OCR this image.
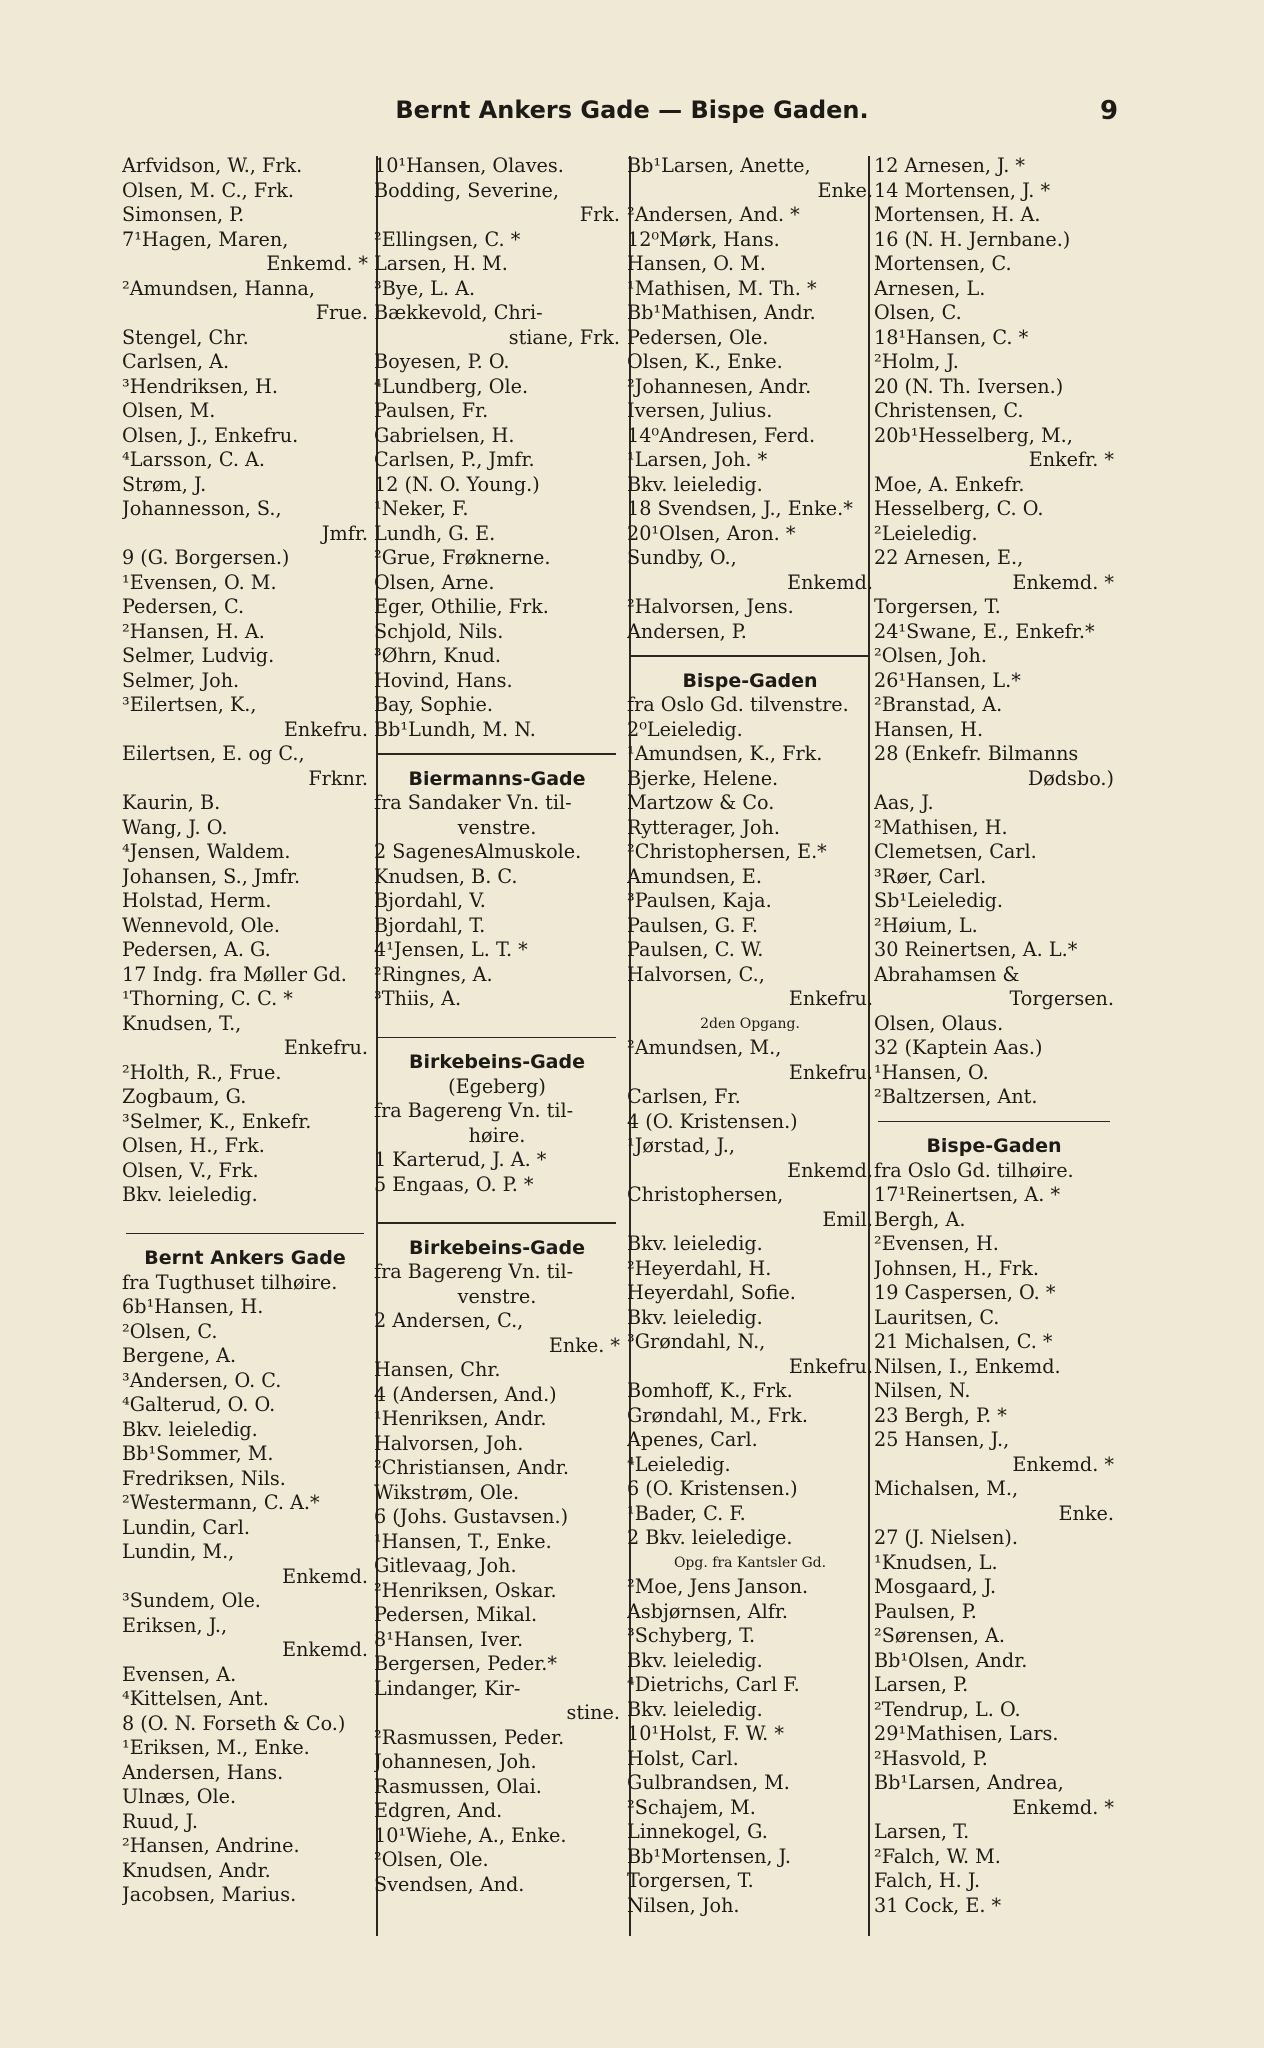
Bernt Ankers Gade — Bispe Gaden.	9
Arfvidson, W., Frk.
Olsen, M. C., Frk.
Simonsen, P.
7¹Hagen, Maren,
Enkemd. *
²Amundsen, Hanna,
Frue.
Stengel, Chr.
Carlsen, A.
³Hendriksen, H.
Olsen, M.
Olsen, J., Enkefru.
⁴Larsson, C. A.
Strøm, J.
Johannesson, S.,
Jmfr.
9 (G. Borgersen.)
¹Evensen, O. M.
Pedersen, C.
²Hansen, H. A.
Selmer, Ludvig.
Selmer, Joh.
³Eilertsen, K.,
Enkefru.
Eilertsen, E. og C.,
Frknr.
Kaurin, B.
Wang, J. O.
⁴Jensen, Waldem.
Johansen, S., Jmfr.
Holstad, Herm.
Wennevold, Ole.
Pedersen, A. G.
17 Indg. fra Møller Gd.
¹Thorning, C. C. *
Knudsen, T.,
Enkefru.
²Holth, R., Frue.
Zogbaum, G.
³Selmer, K., Enkefr.
Olsen, H., Frk.
Olsen, V., Frk.
Bkv. leieledig.
Bernt Ankers Gade
fra Tugthuset tilhøire.
6b¹Hansen, H.
²Olsen, C.
Bergene, A.
³Andersen, O. C.
⁴Galterud, O. O.
Bkv. leieledig.
Bb¹Sommer, M.
Fredriksen, Nils.
²Westermann, C. A.*
Lundin, Carl.
Lundin, M.,
Enkemd.
³Sundem, Ole.
Eriksen, J.,
Enkemd.
Evensen, A.
⁴Kittelsen, Ant.
8 (O. N. Forseth & Co.)
¹Eriksen, M., Enke.
Andersen, Hans.
Ulnæs, Ole.
Ruud, J.
²Hansen, Andrine.
Knudsen, Andr.
Jacobsen, Marius.
10¹Hansen, Olaves.
Bodding, Severine,
Frk.
²Ellingsen, C. *
Larsen, H. M.
³Bye, L. A.
Bækkevold, Chri-
stiane, Frk.
Boyesen, P. O.
⁴Lundberg, Ole.
Paulsen, Fr.
Gabrielsen, H.
Carlsen, P., Jmfr.
12 (N. O. Young.)
¹Neker, F.
Lundh, G. E.
²Grue, Frøknerne.
Olsen, Arne.
Eger, Othilie, Frk.
Schjold, Nils.
³Øhrn, Knud.
Hovind, Hans.
Bay, Sophie.
Bb¹Lundh, M. N.
Biermanns-Gade
fra Sandaker Vn. til-
venstre.
2 SagenesAlmuskole.
Knudsen, B. C.
Bjordahl, V.
Bjordahl, T.
4¹Jensen, L. T. *
²Ringnes, A.
³Thiis, A.
Birkebeins-Gade
(Egeberg)
fra Bagereng Vn. til-
høire.
1 Karterud, J. A. *
5 Engaas, O. P. *
Birkebeins-Gade
fra Bagereng Vn. til-
venstre.
2 Andersen, C.,
Enke. *
Hansen, Chr.
4 (Andersen, And.)
¹Henriksen, Andr.
Halvorsen, Joh.
²Christiansen, Andr.
Wikstrøm, Ole.
6 (Johs. Gustavsen.)
¹Hansen, T., Enke.
Gitlevaag, Joh.
²Henriksen, Oskar.
Pedersen, Mikal.
8¹Hansen, Iver.
Bergersen, Peder.*
Lindanger, Kir-
stine.
²Rasmussen, Peder.
Johannesen, Joh.
Rasmussen, Olai.
Edgren, And.
10¹Wiehe, A., Enke.
²Olsen, Ole.
Svendsen, And.
Bb¹Larsen, Anette,
Enke.
²Andersen, And. *
12⁰Mørk, Hans.
Hansen, O. M.
¹Mathisen, M. Th. *
Bb¹Mathisen, Andr.
Pedersen, Ole.
Olsen, K., Enke.
²Johannesen, Andr.
Iversen, Julius.
14⁰Andresen, Ferd.
¹Larsen, Joh. *
Bkv. leieledig.
18 Svendsen, J., Enke.*
20¹Olsen, Aron. *
Sundby, O.,
Enkemd.
²Halvorsen, Jens.
Andersen, P.
Bispe-Gaden
fra Oslo Gd. tilvenstre.
2⁰Leieledig.
¹Amundsen, K., Frk.
Bjerke, Helene.
Martzow & Co.
Rytterager, Joh.
²Christophersen, E.*
Amundsen, E.
³Paulsen, Kaja.
Paulsen, G. F.
Paulsen, C. W.
Halvorsen, C.,
Enkefru.
2den Opgang.
²Amundsen, M.,
Enkefru.
Carlsen, Fr.
4 (O. Kristensen.)
¹Jørstad, J.,
Enkemd.
Christophersen,
Emil.
Bkv. leieledig.
²Heyerdahl, H.
Heyerdahl, Sofie.
Bkv. leieledig.
³Grøndahl, N.,
Enkefru.
Bomhoff, K., Frk.
Grøndahl, M., Frk.
Apenes, Carl.
⁴Leieledig.
6 (O. Kristensen.)
¹Bader, C. F.
2 Bkv. leieledige.
Opg. fra Kantsler Gd.
²Moe, Jens Janson.
Asbjørnsen, Alfr.
³Schyberg, T.
Bkv. leieledig.
⁴Dietrichs, Carl F.
Bkv. leieledig.
10¹Holst, F. W. *
Holst, Carl.
Gulbrandsen, M.
²Schajem, M.
Linnekogel, G.
Bb¹Mortensen, J.
Torgersen, T.
Nilsen, Joh.
12 Arnesen, J. *
14 Mortensen, J. *
Mortensen, H. A.
16 (N. H. Jernbane.)
Mortensen, C.
Arnesen, L.
Olsen, C.
18¹Hansen, C. *
²Holm, J.
20 (N. Th. Iversen.)
Christensen, C.
20b¹Hesselberg, M.,
Enkefr. *
Moe, A. Enkefr.
Hesselberg, C. O.
²Leieledig.
22 Arnesen, E.,
Enkemd. *
Torgersen, T.
24¹Swane, E., Enkefr.*
²Olsen, Joh.
26¹Hansen, L.*
²Branstad, A.
Hansen, H.
28 (Enkefr. Bilmanns
Dødsbo.)
Aas, J.
²Mathisen, H.
Clemetsen, Carl.
³Røer, Carl.
Sb¹Leieledig.
²Høium, L.
30 Reinertsen, A. L.*
Abrahamsen &
Torgersen.
Olsen, Olaus.
32 (Kaptein Aas.)
¹Hansen, O.
²Baltzersen, Ant.
Bispe-Gaden
fra Oslo Gd. tilhøire.
17¹Reinertsen, A. *
Bergh, A.
²Evensen, H.
Johnsen, H., Frk.
19 Caspersen, O. *
Lauritsen, C.
21 Michalsen, C. *
Nilsen, I., Enkemd.
Nilsen, N.
23 Bergh, P. *
25 Hansen, J.,
Enkemd. *
Michalsen, M.,
Enke.
27 (J. Nielsen).
¹Knudsen, L.
Mosgaard, J.
Paulsen, P.
²Sørensen, A.
Bb¹Olsen, Andr.
Larsen, P.
²Tendrup, L. O.
29¹Mathisen, Lars.
²Hasvold, P.
Bb¹Larsen, Andrea,
Enkemd. *
Larsen, T.
²Falch, W. M.
Falch, H. J.
31 Cock, E. *
